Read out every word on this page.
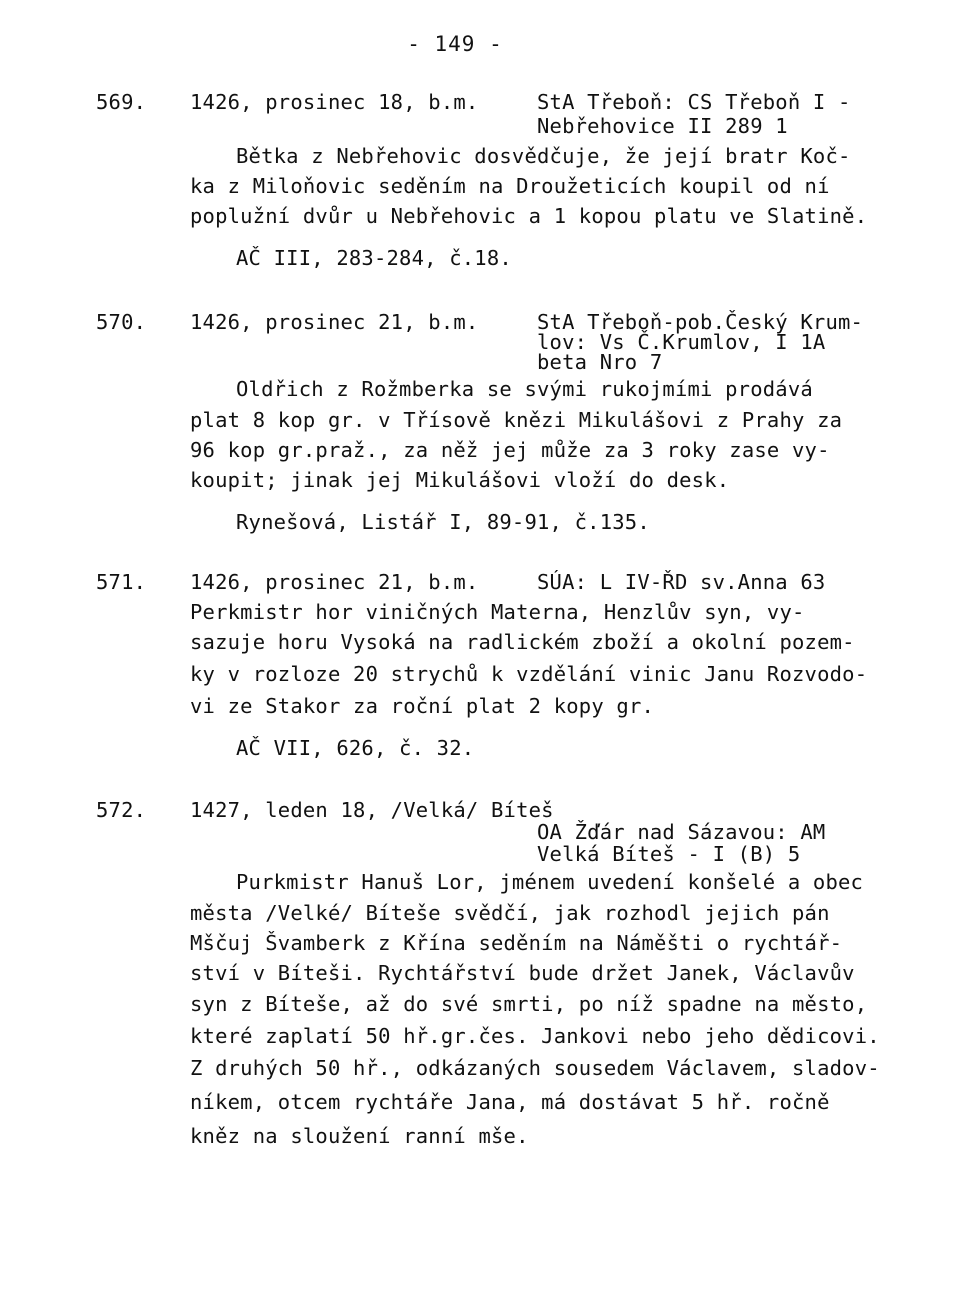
- 149 -
569. 1426, prosinec 18, b.m.	StA Třeboň: CS Třeboň I -
Nebřehovice II 289 1
Bětka z Nebřehovic dosvědčuje, že její bratr Koč-
ka z Miloňovic seděním na Droužeticích koupil od ní
poplužní dvůr u Nebřehovic a 1 kopou platu ve Slatině.
AČ III, 283-284, č.18.
570. 1426, prosinec 21, b.m.	StA Třeboň-pob.Český Krum-
lov: Vs Č.Krumlov, I 1A
beta Nro 7
Oldřich z Rožmberka se svými rukojmími prodává
plat 8 kop gr. v Třísově knězi Mikulášovi z Prahy za
96 kop gr.praž., za něž jej může za 3 roky zase vy-
koupit; jinak jej Mikulášovi vloží do desk.
Rynešová, Listář I, 89-91, č.135.
571. 1426, prosinec 21, b.m.	SÚA: L IV-ŘD sv.Anna 63
Perkmistr hor viničných Materna, Henzlův syn, vy-
sazuje horu Vysoká na radlickém zboží a okolní pozem-
ky v rozloze 20 strychů k vzdělání vinic Janu Rozvodo-
vi ze Stakor za roční plat 2 kopy gr.
AČ VII, 626, č. 32.
572. 1427, leden 18, /Velká/ Bíteš
OA Žďár nad Sázavou: AM
Velká Bíteš - I (B) 5
Purkmistr Hanuš Lor, jménem uvedení konšelé a obec
města /Velké/ Bíteše svědčí, jak rozhodl jejich pán
Mščuj Švamberk z Křína seděním na Náměšti o rychtář-
ství v Bíteši. Rychtářství bude držet Janek, Václavův
syn z Bíteše, až do své smrti, po níž spadne na město,
které zaplatí 50 hř.gr.čes. Jankovi nebo jeho dědicovi.
Z druhých 50 hř., odkázaných sousedem Václavem, sladov-
níkem, otcem rychtáře Jana, má dostávat 5 hř. ročně
kněz na sloužení ranní mše.
